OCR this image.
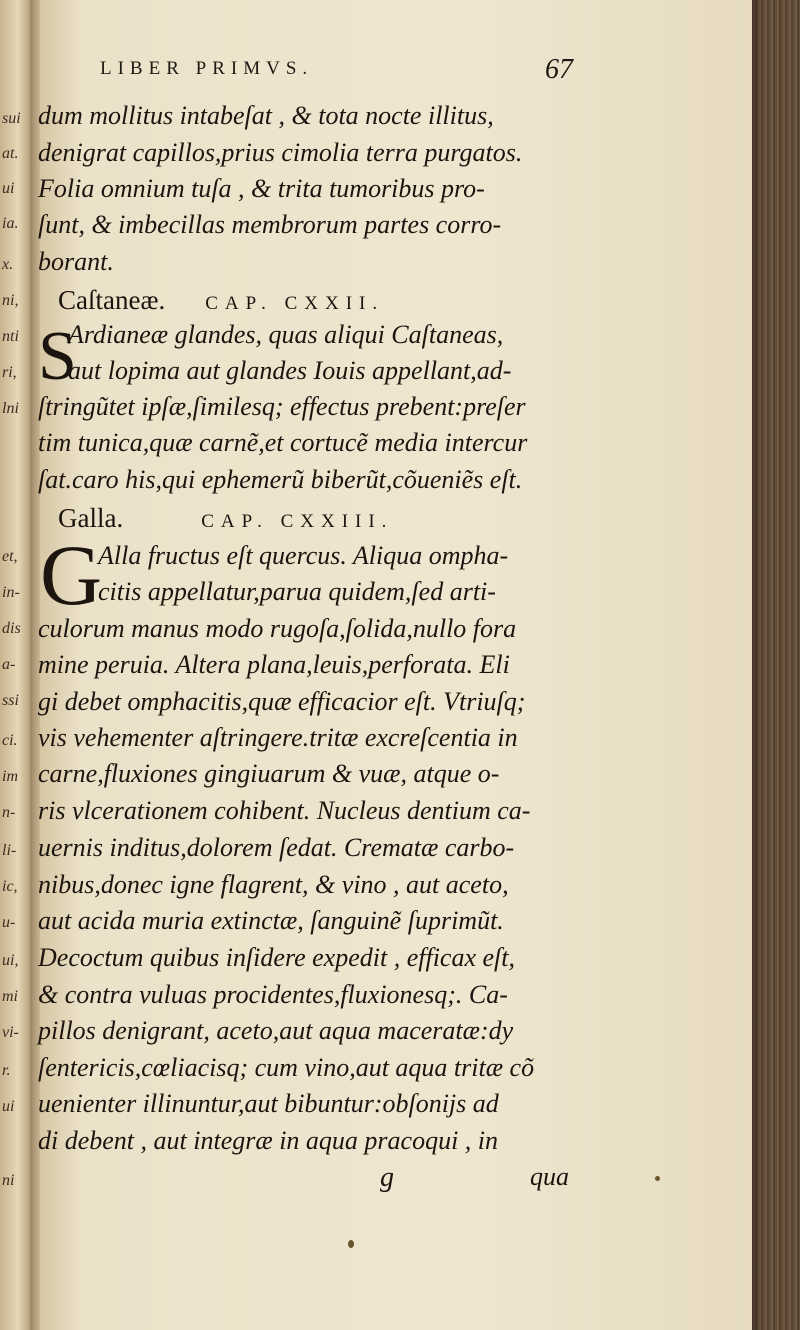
sui
at.
ui
ia.
x.
ni,
nti
ri,
lni
et,
in-
dis
a-
ssi
ci.
im
n-
li-
ic,
u-
ui,
mi
vi-
r.
ui
ni
LIBER PRIMVS.	67
dum mollitus intabeſat , & tota nocte illitus,
denigrat capillos,prius cimolia terra purgatos.
Folia omnium tuſa , & trita tumoribus pro-
ſunt, & imbecillas membrorum partes corro-
borant.
Caſtaneæ. CAP. CXXII.
S
Ardianeæ glandes, quas aliqui Caſtaneas,
aut lopima aut glandes Iouis appellant,ad-
ſtringũtet ipſæ,ſimilesq; effectus prebent:preſer
tim tunica,quæ carnẽ,et cortucẽ media intercur
ſat.caro his,qui ephemerũ biberũt,cõueniẽs eſt.
Galla.	CAP. CXXIII.
G
Alla fructus eſt quercus. Aliqua ompha-
citis appellatur,parua quidem,ſed arti-
culorum manus modo rugoſa,ſolida,nullo fora
mine peruia. Altera plana,leuis,perforata. Eli
gi debet omphacitis,quæ efficacior eſt. Vtriuſq;
vis vehementer aſtringere.tritæ excreſcentia in
carne,fluxiones gingiuarum & vuæ, atque o-
ris vlcerationem cohibent. Nucleus dentium ca-
uernis inditus,dolorem ſedat. Crematæ carbo-
nibus,donec igne flagrent, & vino , aut aceto,
aut acida muria extinctæ, ſanguinẽ ſuprimũt.
Decoctum quibus inſidere expedit , efficax eſt,
& contra vuluas procidentes,fluxionesq;. Ca-
pillos denigrant, aceto,aut aqua maceratæ:dy
ſentericis,cœliacisq; cum vino,aut aqua tritæ cõ
uenienter illinuntur,aut bibuntur:obſonijs ad
di debent , aut integræ in aqua pracoqui , in
g	qua
